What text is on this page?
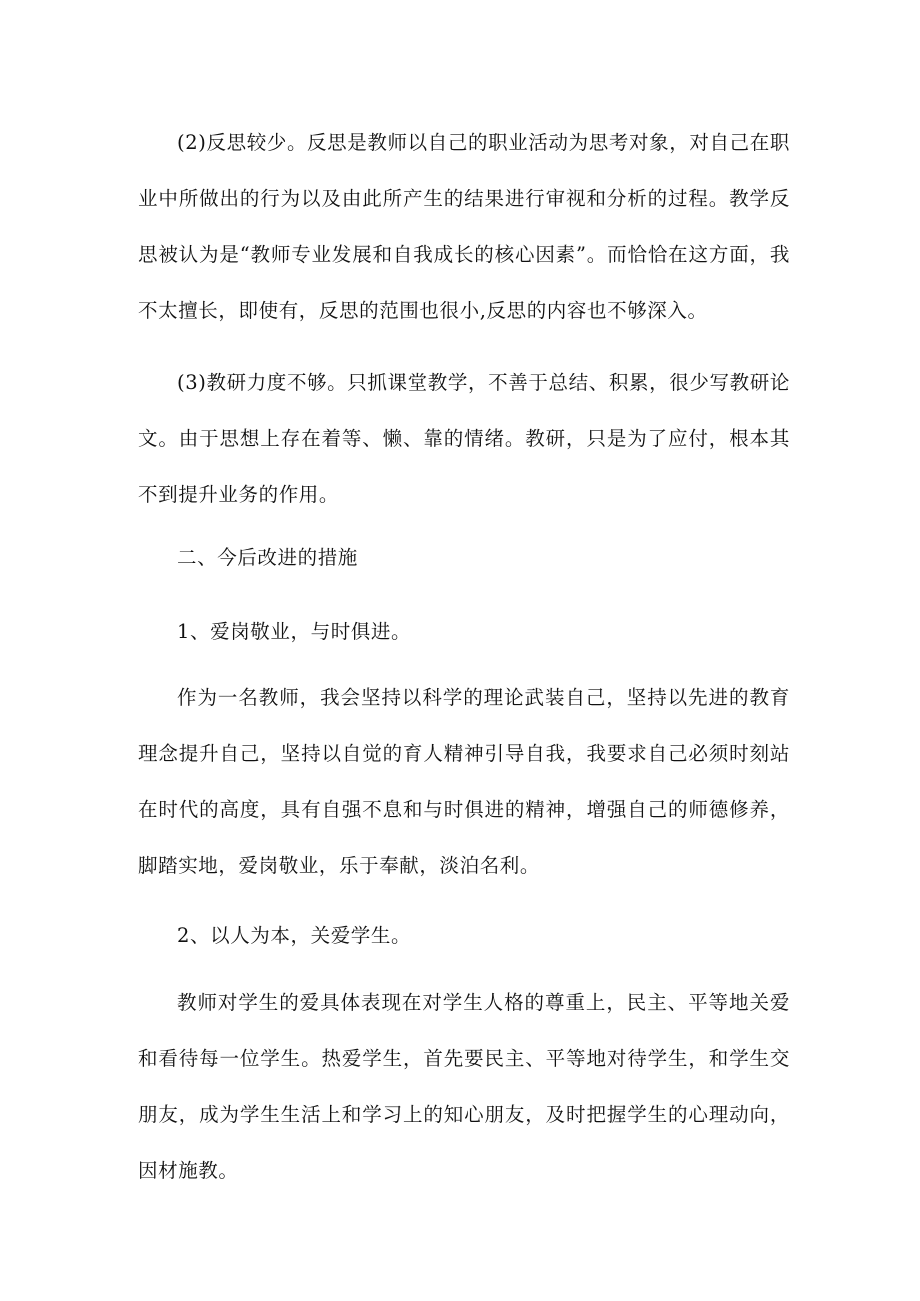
(2)反思较少。反思是教师以自己的职业活动为思考对象，对自己在职业中所做出的行为以及由此所产生的结果进行审视和分析的过程。教学反思被认为是“教师专业发展和自我成长的核心因素”。而恰恰在这方面，我不太擅长，即使有，反思的范围也很小,反思的内容也不够深入。

(3)教研力度不够。只抓课堂教学，不善于总结、积累，很少写教研论文。由于思想上存在着等、懒、靠的情绪。教研，只是为了应付，根本其不到提升业务的作用。

二、今后改进的措施

1、爱岗敬业，与时俱进。

作为一名教师，我会坚持以科学的理论武装自己，坚持以先进的教育理念提升自己，坚持以自觉的育人精神引导自我，我要求自己必须时刻站在时代的高度，具有自强不息和与时俱进的精神，增强自己的师德修养，脚踏实地，爱岗敬业，乐于奉献，淡泊名利。

2、以人为本，关爱学生。

教师对学生的爱具体表现在对学生人格的尊重上，民主、平等地关爱和看待每一位学生。热爱学生，首先要民主、平等地对待学生，和学生交朋友，成为学生生活上和学习上的知心朋友，及时把握学生的心理动向，因材施教。
